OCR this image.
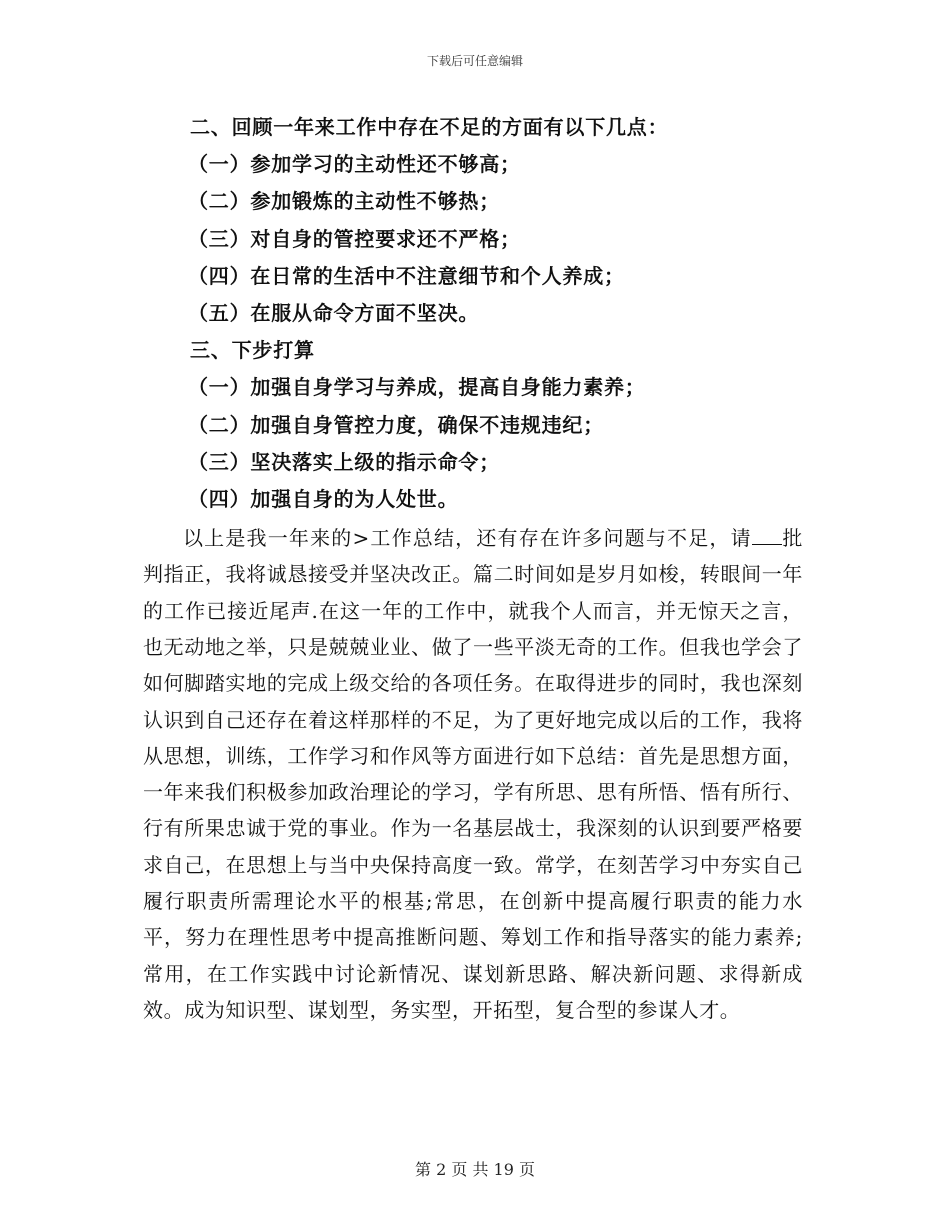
下载后可任意编辑
二、回顾一年来工作中存在不足的方面有以下几点：
（一）参加学习的主动性还不够高；
（二）参加锻炼的主动性不够热；
（三）对自身的管控要求还不严格；
（四）在日常的生活中不注意细节和个人养成；
（五）在服从命令方面不坚决。
三、下步打算
（一）加强自身学习与养成，提高自身能力素养；
（二）加强自身管控力度，确保不违规违纪；
（三）坚决落实上级的指示命令；
（四）加强自身的为人处世。

以上是我一年来的>工作总结，还有存在许多问题与不足，请 批判指正，我将诚恳接受并坚决改正。篇二时间如是岁月如梭，转眼间一年的工作已接近尾声.在这一年的工作中，就我个人而言，并无惊天之言，也无动地之举，只是兢兢业业、做了一些平淡无奇的工作。但我也学会了如何脚踏实地的完成上级交给的各项任务。在取得进步的同时，我也深刻认识到自己还存在着这样那样的不足，为了更好地完成以后的工作，我将从思想，训练，工作学习和作风等方面进行如下总结：首先是思想方面，一年来我们积极参加政治理论的学习，学有所思、思有所悟、悟有所行、行有所果忠诚于党的事业。作为一名基层战士，我深刻的认识到要严格要求自己，在思想上与当中央保持高度一致。常学，在刻苦学习中夯实自己履行职责所需理论水平的根基;常思，在创新中提高履行职责的能力水平，努力在理性思考中提高推断问题、筹划工作和指导落实的能力素养;常用，在工作实践中讨论新情况、谋划新思路、解决新问题、求得新成效。成为知识型、谋划型，务实型，开拓型，复合型的参谋人才。

第 2 页 共 19 页
